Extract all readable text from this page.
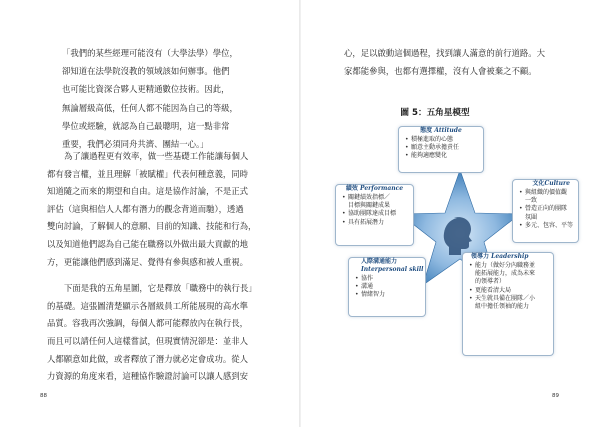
「我們的某些經理可能沒有（大學法學）學位，

卻知道在法學院沒教的領域該如何辦事。他們

也可能比資深合夥人更精通數位技術。因此，

無論層級高低，任何人都不能因為自己的等級，

學位或經驗，就認為自己最聰明，這一點非常

重要，我們必須同舟共濟、團結一心。」

為了讓過程更有效率，做一些基礎工作能讓每個人

都有發言權，並且理解「被賦權」代表何種意義，同時

知道隨之而來的期望和自由。這是協作討論，不是正式

評估（這與相信人人都有潛力的觀念背道而馳），透過

雙向討論，了解個人的意願、目前的知識、技能和行為，

以及知道他們認為自己能在職務以外做出最大貢獻的地

方，更能讓他們感到滿足、覺得有參與感和被人重視。

下面是我的五角星圖，它是釋放「職務中的執行長」

的基礎。這張圖清楚顯示各層級員工所能展現的高水準

品質。容我再次強調，每個人都可能釋放內在執行長，

而且可以請任何人這樣嘗試，但現實情況卻是：並非人

人都願意如此做，或者釋放了潛力就必定會成功。從人

力資源的角度來看，這種協作驗證討論可以讓人感到安

88

心，足以啟動這個過程，找到讓人滿意的前行道路。大

家都能參與，也都有選擇權，沒有人會被棄之不顧。

圖 5：五角星模型
態度 Attitude
• 積極進取的心態
• 願意主動承擔責任
• 能夠適應變化
績效 Performance
• 關鍵績效指標／
目標與關鍵成果
• 協助團隊達成目標
• 具有拓展潛力
文化Culture
• 與組織的價值觀
一致
• 營造正向的團隊
氛圍
• 多元、包容、平等
人際溝通能力
Interpersonal skill
• 協作
• 溝通
• 情緒智力
領導力 Leadership
• 能力（做好分內職務並
能拓展能力，成為未來
的領導者）
• 更能看清大局
• 天生就具備在團隊／小
組中擔任領袖的能力
89
